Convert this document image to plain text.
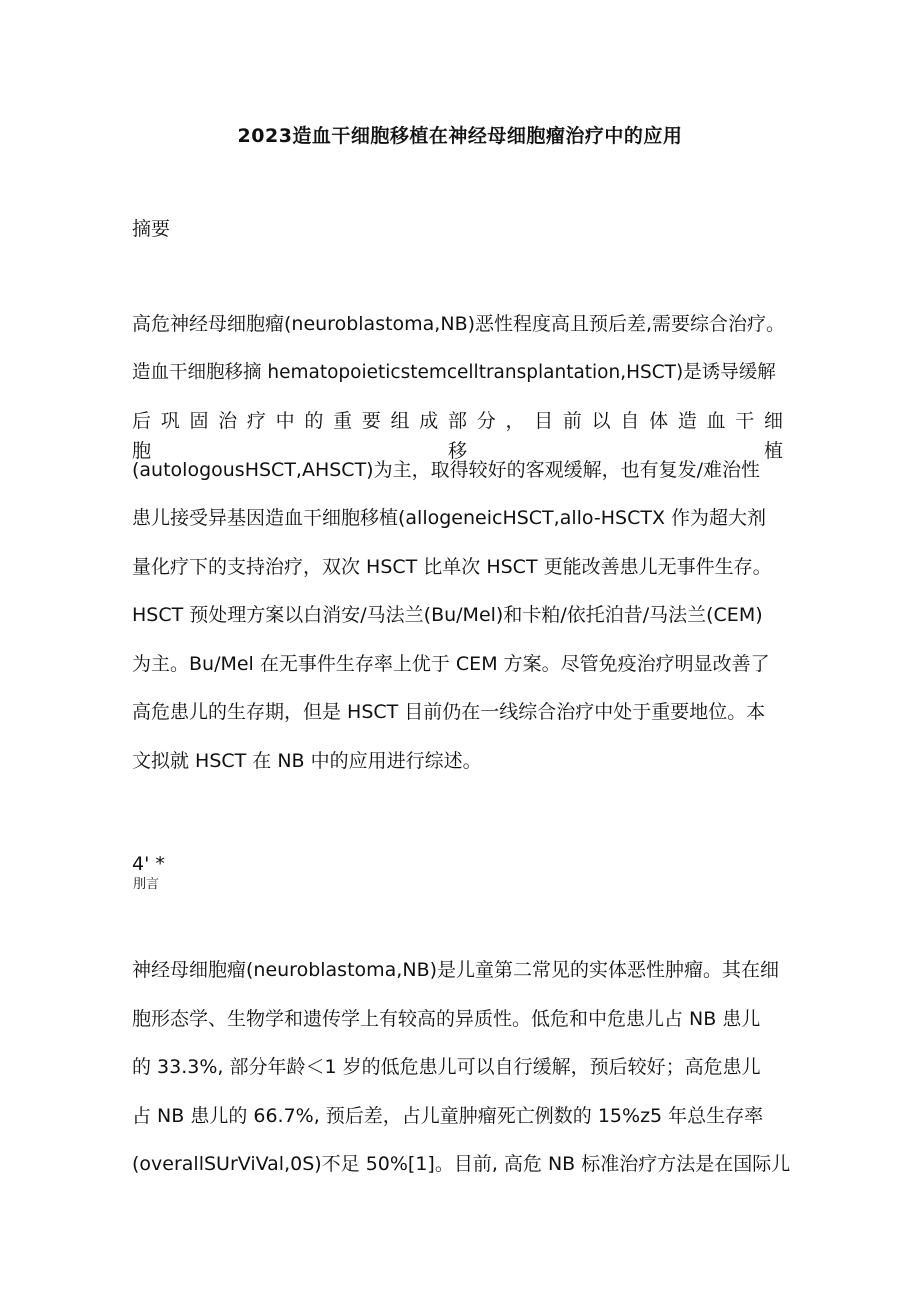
2023造血干细胞移植在神经母细胞瘤治疗中的应用
摘要
高危神经母细胞瘤(neuroblastoma,NB)恶性程度高且预后差,需要综合治疗。
造血干细胞移摘 hematopoieticstemcelltransplantation,HSCT)是诱导缓解
后巩固治疗中的重要组成部分，目前以自体造血干细胞移植
(autologousHSCT,AHSCT)为主，取得较好的客观缓解，也有复发/难治性
患儿接受异基因造血干细胞移植(allogeneicHSCT,allo-HSCTX 作为超大剂
量化疗下的支持治疗，双次 HSCT 比单次 HSCT 更能改善患儿无事件生存。
HSCT 预处理方案以白消安/马法兰(Bu/Mel)和卡粕/依托泊昔/马法兰(CEM)
为主。Bu/Mel 在无事件生存率上优于 CEM 方案。尽管免疫治疗明显改善了
高危患儿的生存期，但是 HSCT 目前仍在一线综合治疗中处于重要地位。本
文拟就 HSCT 在 NB 中的应用进行综述。
4' *
刖言
神经母细胞瘤(neuroblastoma,NB)是儿童第二常见的实体恶性肿瘤。其在细
胞形态学、生物学和遗传学上有较高的异质性。低危和中危患儿占 NB 患儿
的 33.3%, 部分年龄＜1 岁的低危患儿可以自行缓解，预后较好；高危患儿
占 NB 患儿的 66.7%, 预后差，占儿童肿瘤死亡例数的 15%z5 年总生存率
(overallSUrViVal,0S)不足 50%[1]。目前, 高危 NB 标准治疗方法是在国际儿
